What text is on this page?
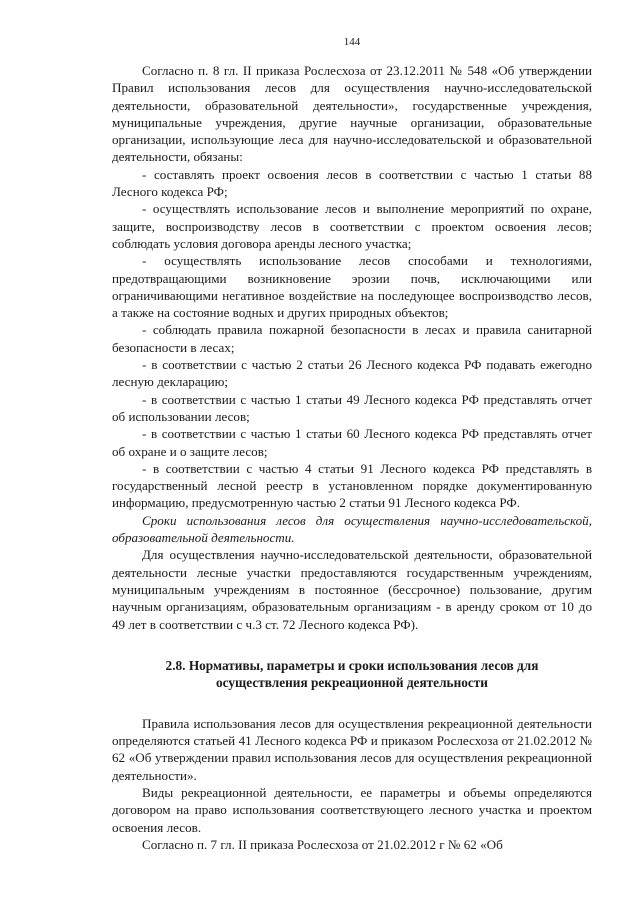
144

Согласно п. 8 гл. II приказа Рослесхоза от 23.12.2011 № 548 «Об утверждении Правил использования лесов для осуществления научно-исследовательской деятельности, образовательной деятельности», государственные учреждения, муниципальные учреждения, другие научные организации, образовательные организации, использующие леса для научно-исследовательской и образовательной деятельности, обязаны:

- составлять проект освоения лесов в соответствии с частью 1 статьи 88 Лесного кодекса РФ;

- осуществлять использование лесов и выполнение мероприятий по охране, защите, воспроизводству лесов в соответствии с проектом освоения лесов; соблюдать условия договора аренды лесного участка;

- осуществлять использование лесов способами и технологиями, предотвращающими возникновение эрозии почв, исключающими или ограничивающими негативное воздействие на последующее воспроизводство лесов, а также на состояние водных и других природных объектов;

- соблюдать правила пожарной безопасности в лесах и правила санитарной безопасности в лесах;

- в соответствии с частью 2 статьи 26 Лесного кодекса РФ подавать ежегодно лесную декларацию;

- в соответствии с частью 1 статьи 49 Лесного кодекса РФ представлять отчет об использовании лесов;

- в соответствии с частью 1 статьи 60 Лесного кодекса РФ представлять отчет об охране и о защите лесов;

- в соответствии с частью 4 статьи 91 Лесного кодекса РФ представлять в государственный лесной реестр в установленном порядке документированную информацию, предусмотренную частью 2 статьи 91 Лесного кодекса РФ.

Сроки использования лесов для осуществления научно-исследовательской, образовательной деятельности.

Для осуществления научно-исследовательской деятельности, образовательной деятельности лесные участки предоставляются государственным учреждениям, муниципальным учреждениям в постоянное (бессрочное) пользование, другим научным организациям, образовательным организациям - в аренду сроком от 10 до 49 лет в соответствии с ч.3 ст. 72 Лесного кодекса РФ).

2.8. Нормативы, параметры и сроки использования лесов для
осуществления рекреационной деятельности

Правила использования лесов для осуществления рекреационной деятельности определяются статьей 41 Лесного кодекса РФ и приказом Рослесхоза от 21.02.2012 № 62 «Об утверждении правил использования лесов для осуществления рекреационной деятельности».

Виды рекреационной деятельности, ее параметры и объемы определяются договором на право использования соответствующего лесного участка и проектом освоения лесов.

Согласно п. 7 гл. II приказа Рослесхоза от 21.02.2012 г № 62 «Об
